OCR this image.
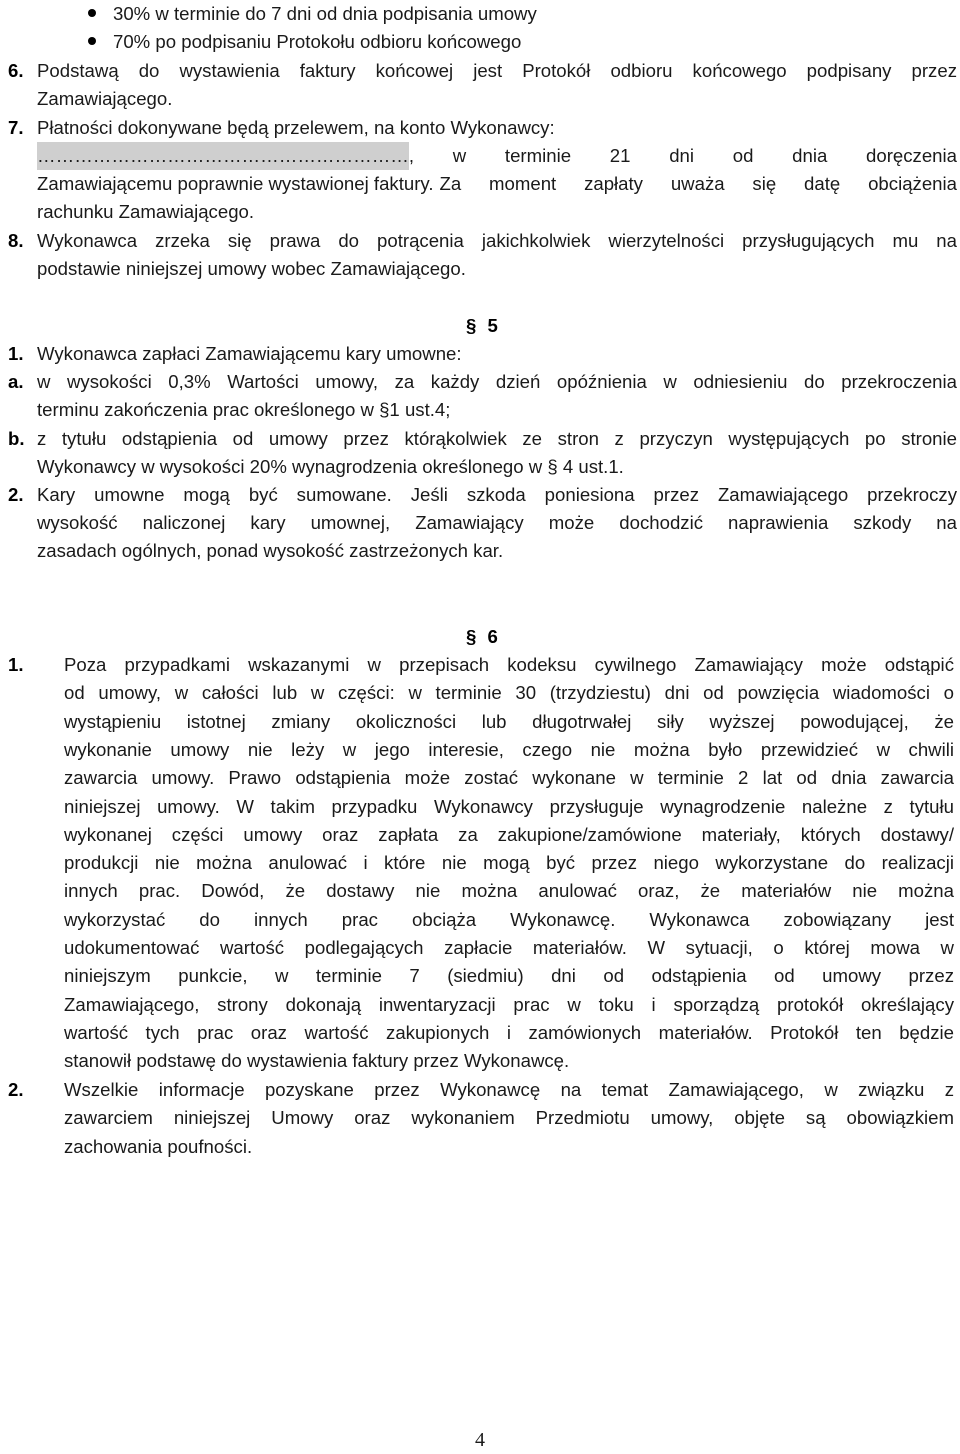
30% w terminie do 7 dni od dnia podpisania umowy
70% po podpisaniu Protokołu odbioru końcowego
6. Podstawą do wystawienia faktury końcowej jest Protokół odbioru końcowego podpisany przez
Zamawiającego.
7. Płatności dokonywane będą przelewem, na konto Wykonawcy:
…………………………………………………… , w terminie 21 dni od dnia doręczenia
Zamawiającemu poprawnie wystawionej faktury. Za moment zapłaty uważa się datę obciążenia
rachunku Zamawiającego.
8. Wykonawca zrzeka się prawa do potrącenia jakichkolwiek wierzytelności przysługujących mu na
podstawie niniejszej umowy wobec Zamawiającego.
§ 5
1. Wykonawca zapłaci Zamawiającemu kary umowne:
a. w wysokości 0,3% Wartości umowy, za każdy dzień opóźnienia w odniesieniu do przekroczenia
terminu zakończenia prac określonego w §1 ust.4;
b. z tytułu odstąpienia od umowy przez którąkolwiek ze stron z przyczyn występujących po stronie
Wykonawcy w wysokości 20% wynagrodzenia określonego w § 4 ust.1.
2. Kary umowne mogą być sumowane. Jeśli szkoda poniesiona przez Zamawiającego przekroczy
wysokość naliczonej kary umownej, Zamawiający może dochodzić naprawienia szkody na
zasadach ogólnych, ponad wysokość zastrzeżonych kar.
§ 6
1. Poza przypadkami wskazanymi w przepisach kodeksu cywilnego Zamawiający może odstąpić
od umowy, w całości lub w części: w terminie 30 (trzydziestu) dni od powzięcia wiadomości o
wystąpieniu istotnej zmiany okoliczności lub długotrwałej siły wyższej powodującej, że
wykonanie umowy nie leży w jego interesie, czego nie można było przewidzieć w chwili
zawarcia umowy. Prawo odstąpienia może zostać wykonane w terminie 2 lat od dnia zawarcia
niniejszej umowy. W takim przypadku Wykonawcy przysługuje wynagrodzenie należne z tytułu
wykonanej części umowy oraz zapłata za zakupione/zamówione materiały, których dostawy/
produkcji nie można anulować i które nie mogą być przez niego wykorzystane do realizacji
innych prac. Dowód, że dostawy nie można anulować oraz, że materiałów nie można
wykorzystać do innych prac obciąża Wykonawcę. Wykonawca zobowiązany jest
udokumentować wartość podlegających zapłacie materiałów. W sytuacji, o której mowa w
niniejszym punkcie, w terminie 7 (siedmiu) dni od odstąpienia od umowy przez
Zamawiającego, strony dokonają inwentaryzacji prac w toku i sporządzą protokół określający
wartość tych prac oraz wartość zakupionych i zamówionych materiałów. Protokół ten będzie
stanowił podstawę do wystawienia faktury przez Wykonawcę.
2. Wszelkie informacje pozyskane przez Wykonawcę na temat Zamawiającego, w związku z
zawarciem niniejszej Umowy oraz wykonaniem Przedmiotu umowy, objęte są obowiązkiem
zachowania poufności.
4
